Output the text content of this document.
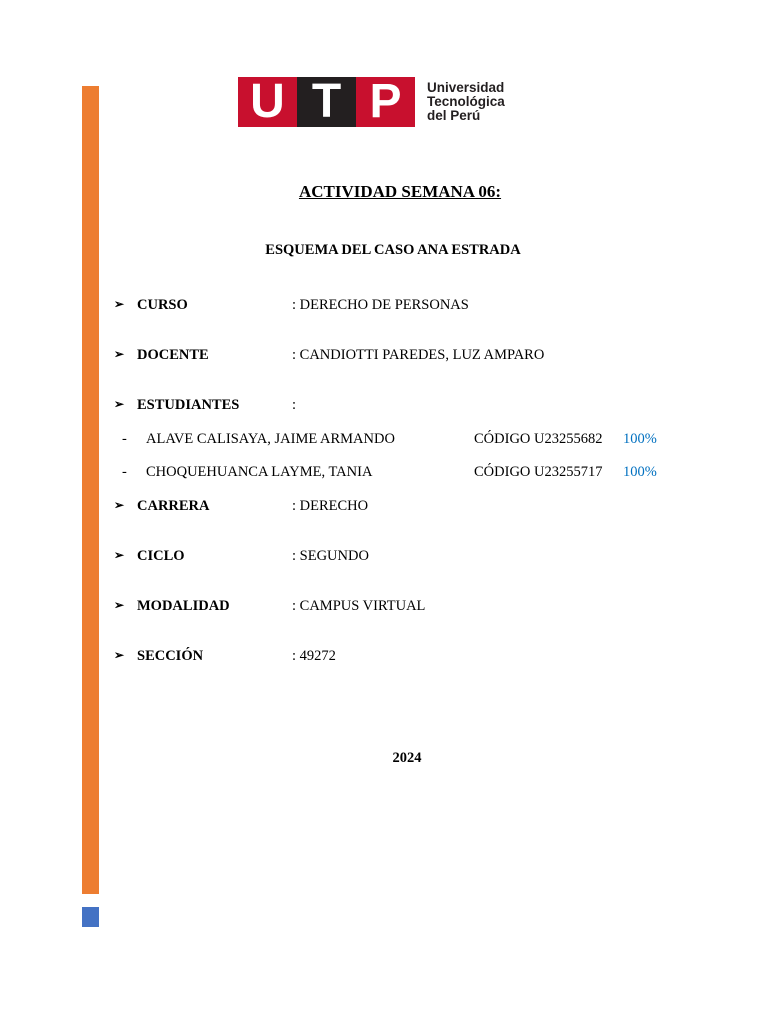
U T P	Universidad
Tecnológica
del Perú
ACTIVIDAD SEMANA 06:
ESQUEMA DEL CASO ANA ESTRADA
➢ CURSO	: DERECHO DE PERSONAS
➢ DOCENTE	: CANDIOTTI PAREDES, LUZ AMPARO
➢ ESTUDIANTES	:
- ALAVE CALISAYA, JAIME ARMANDO	CÓDIGO U23255682 100%
- CHOQUEHUANCA LAYME, TANIA	CÓDIGO U23255717 100%
➢ CARRERA	: DERECHO
➢ CICLO	: SEGUNDO
➢ MODALIDAD	: CAMPUS VIRTUAL
➢ SECCIÓN	: 49272
2024
